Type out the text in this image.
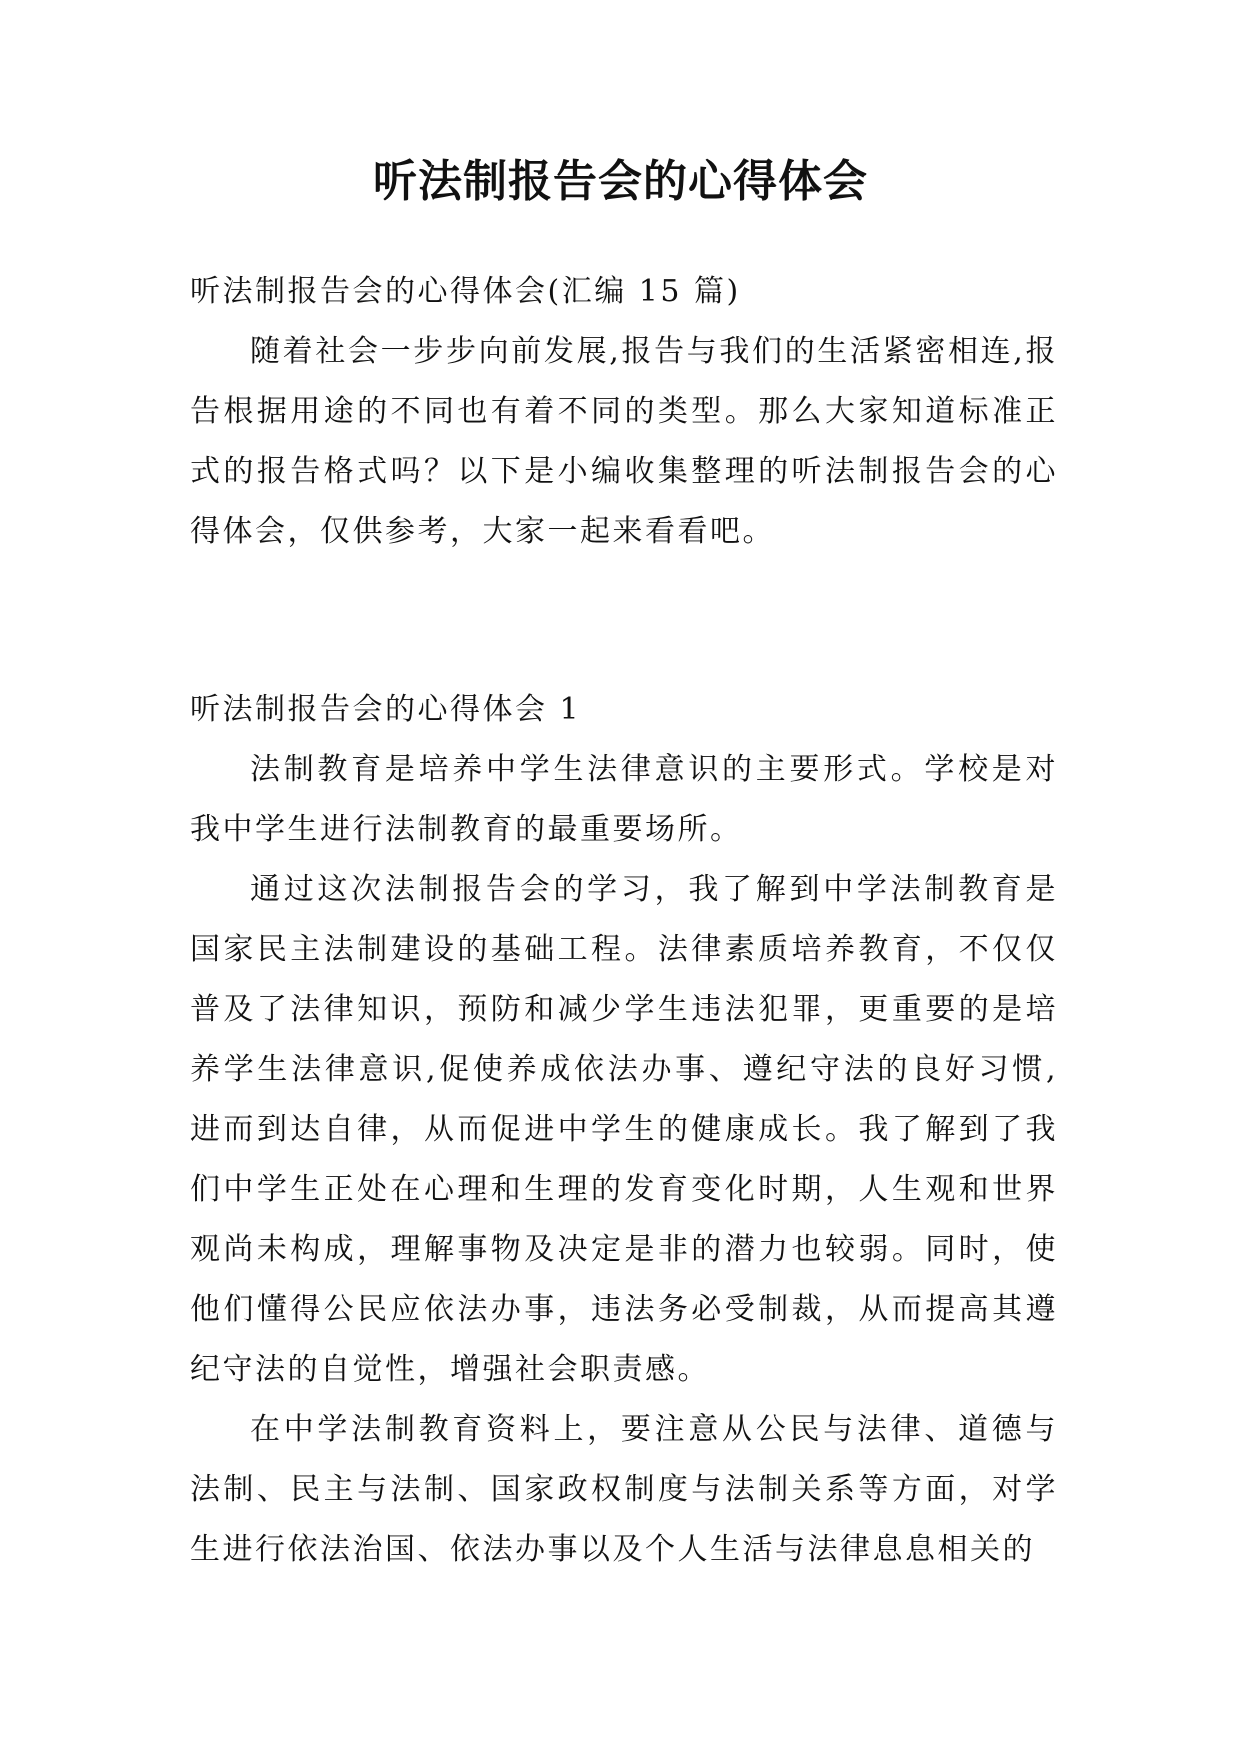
听法制报告会的心得体会

听法制报告会的心得体会(汇编 15 篇)

随着社会一步步向前发展,报告与我们的生活紧密相连,报告根据用途的不同也有着不同的类型。那么大家知道标准正式的报告格式吗？以下是小编收集整理的听法制报告会的心得体会，仅供参考，大家一起来看看吧。

听法制报告会的心得体会 1

法制教育是培养中学生法律意识的主要形式。学校是对我中学生进行法制教育的最重要场所。

通过这次法制报告会的学习，我了解到中学法制教育是国家民主法制建设的基础工程。法律素质培养教育，不仅仅普及了法律知识，预防和减少学生违法犯罪，更重要的是培养学生法律意识,促使养成依法办事、遵纪守法的良好习惯,进而到达自律，从而促进中学生的健康成长。我了解到了我们中学生正处在心理和生理的发育变化时期，人生观和世界观尚未构成，理解事物及决定是非的潜力也较弱。同时，使他们懂得公民应依法办事，违法务必受制裁，从而提高其遵纪守法的自觉性，增强社会职责感。

在中学法制教育资料上，要注意从公民与法律、道德与法制、民主与法制、国家政权制度与法制关系等方面，对学生进行依法治国、依法办事以及个人生活与法律息息相关的
